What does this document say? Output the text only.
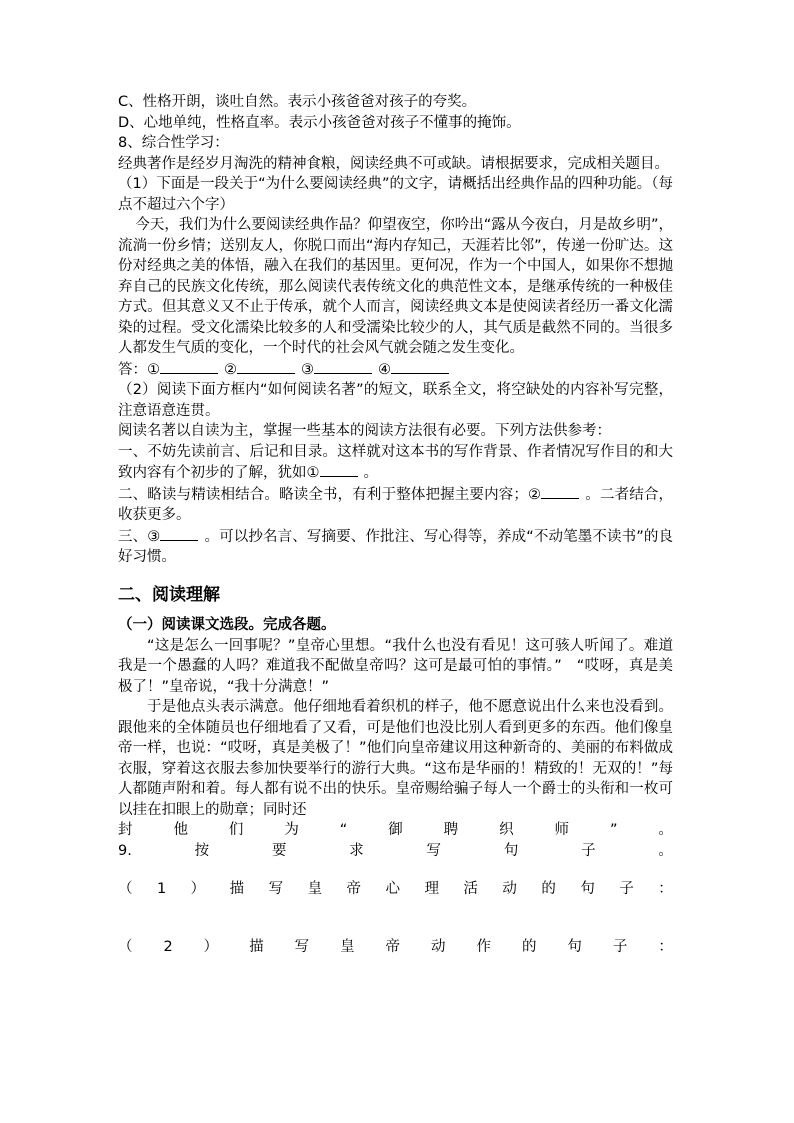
C、性格开朗，谈吐自然。表示小孩爸爸对孩子的夸奖。

D、心地单纯，性格直率。表示小孩爸爸对孩子不懂事的掩饰。

8、综合性学习：

经典著作是经岁月淘洗的精神食粮，阅读经典不可或缺。请根据要求，完成相关题目。

（1）下面是一段关于“为什么要阅读经典”的文字，请概括出经典作品的四种功能。（每点不超过六个字）

今天，我们为什么要阅读经典作品？仰望夜空，你吟出“露从今夜白，月是故乡明”，流淌一份乡情；送别友人，你脱口而出“海内存知己，天涯若比邻”，传递一份旷达。这份对经典之美的体悟，融入在我们的基因里。更何况，作为一个中国人，如果你不想抛弃自己的民族文化传统，那么阅读代表传统文化的典范性文本，是继承传统的一种极佳方式。但其意义又不止于传承，就个人而言，阅读经典文本是使阅读者经历一番文化濡染的过程。受文化濡染比较多的人和受濡染比较少的人，其气质是截然不同的。当很多人都发生气质的变化，一个时代的社会风气就会随之发生变化。

答：①	②	③	④

（2）阅读下面方框内“如何阅读名著”的短文，联系全文，将空缺处的内容补写完整，注意语意连贯。

阅读名著以自读为主，掌握一些基本的阅读方法很有必要。下列方法供参考：

一、不妨先读前言、后记和目录。这样就对这本书的写作背景、作者情况写作目的和大致内容有个初步的了解，犹如①	。

二、略读与精读相结合。略读全书，有利于整体把握主要内容；②	。二者结合，收获更多。

三、③	。可以抄名言、写摘要、作批注、写心得等，养成“不动笔墨不读书”的良好习惯。

二、阅读理解
（一）阅读课文选段。完成各题。

“这是怎么一回事呢？”皇帝心里想。“我什么也没有看见！这可骇人听闻了。难道我是一个愚蠢的人吗？难道我不配做皇帝吗？这可是最可怕的事情。”　“哎呀，真是美极了！”皇帝说，“我十分满意！”

于是他点头表示满意。他仔细地看着织机的样子，他不愿意说出什么来也没看到。跟他来的全体随员也仔细地看了又看，可是他们也没比别人看到更多的东西。他们像皇帝一样，也说：“哎呀，真是美极了！”他们向皇帝建议用这种新奇的、美丽的布料做成衣服，穿着这衣服去参加快要举行的游行大典。“这布是华丽的！精致的！无双的！”每人都随声附和着。每人都有说不出的快乐。皇帝赐给骗子每人一个爵士的头衔和一枚可以挂在扣眼上的勋章；同时还

封	他	们	为	“	御	聘	织	师	”	。
9.	按	要	求	写	句	子	。
（ 1 ） 描 写 皇 帝 心 理 活 动 的 句 子 ：
（ 2 ） 描 写 皇 帝 动 作 的 句 子 ：
